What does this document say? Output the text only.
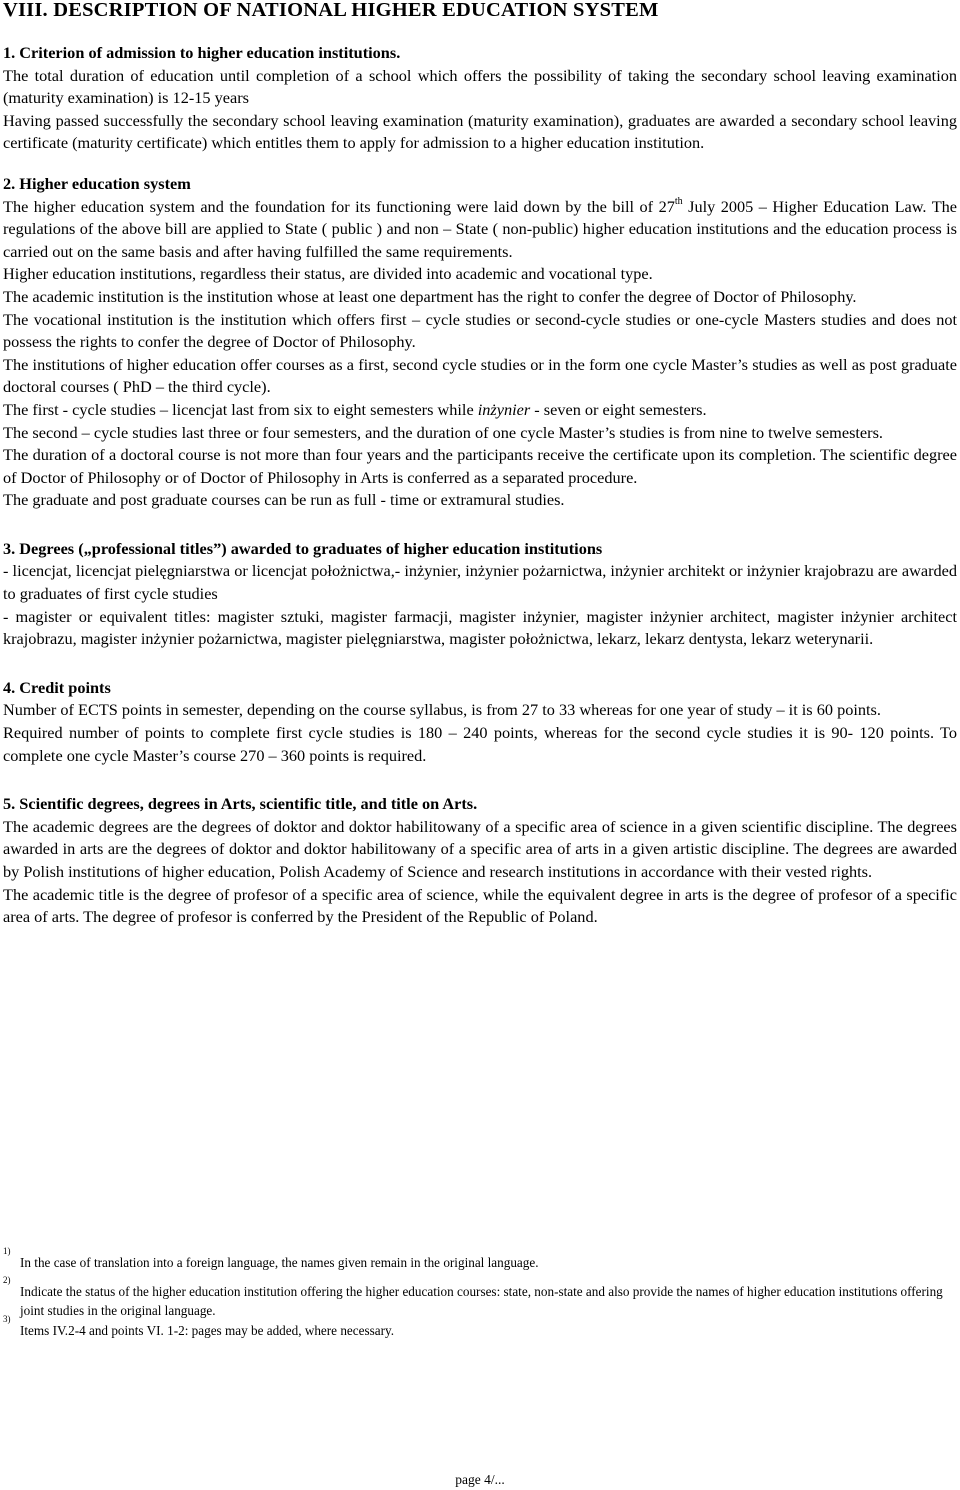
VIII. DESCRIPTION OF NATIONAL HIGHER EDUCATION SYSTEM
1. Criterion of admission to higher education institutions.

The total duration of education until completion of a school which offers the possibility of taking the secondary school leaving examination (maturity examination) is 12-15 years

Having passed successfully the secondary school leaving examination (maturity examination), graduates are awarded a secondary school leaving certificate (maturity certificate) which entitles them to apply for admission to a higher education institution.

2. Higher education system

The higher education system and the foundation for its functioning were laid down by the bill of 27th July 2005 – Higher Education Law. The regulations of the above bill are applied to State ( public ) and non – State ( non-public) higher education institutions and the education process is carried out on the same basis and after having fulfilled the same requirements.

Higher education institutions, regardless their status, are divided into academic and vocational type.

The academic institution is the institution whose at least one department has the right to confer the degree of Doctor of Philosophy.

The vocational institution is the institution which offers first – cycle studies or second-cycle studies or one-cycle Masters studies and does not possess the rights to confer the degree of Doctor of Philosophy.

The institutions of higher education offer courses as a first, second cycle studies or in the form one cycle Master’s studies as well as post graduate doctoral courses ( PhD – the third cycle).

The first - cycle studies – licencjat last from six to eight semesters while inżynier - seven or eight semesters.

The second – cycle studies last three or four semesters, and the duration of one cycle Master’s studies is from nine to twelve semesters.

The duration of a doctoral course is not more than four years and the participants receive the certificate upon its completion. The scientific degree of Doctor of Philosophy or of Doctor of Philosophy in Arts is conferred as a separated procedure.

The graduate and post graduate courses can be run as full - time or extramural studies.

3. Degrees („professional titles”) awarded to graduates of higher education institutions

- licencjat, licencjat pielęgniarstwa or licencjat położnictwa,- inżynier, inżynier pożarnictwa, inżynier architekt or inżynier krajobrazu are awarded to graduates of first cycle studies

- magister or equivalent titles: magister sztuki, magister farmacji, magister inżynier, magister inżynier architect, magister inżynier architect krajobrazu, magister inżynier pożarnictwa, magister pielęgniarstwa, magister położnictwa, lekarz, lekarz dentysta, lekarz weterynarii.

4. Credit points

Number of ECTS points in semester, depending on the course syllabus, is from 27 to 33 whereas for one year of study – it is 60 points.

Required number of points to complete first cycle studies is 180 – 240 points, whereas for the second cycle studies it is 90- 120 points. To complete one cycle Master’s course 270 – 360 points is required.

5. Scientific degrees, degrees in Arts, scientific title, and title on Arts.

The academic degrees are the degrees of doktor and doktor habilitowany of a specific area of science in a given scientific discipline. The degrees awarded in arts are the degrees of doktor and doktor habilitowany of a specific area of arts in a given artistic discipline. The degrees are awarded by Polish institutions of higher education, Polish Academy of Science and research institutions in accordance with their vested rights.

The academic title is the degree of profesor of a specific area of science, while the equivalent degree in arts is the degree of profesor of a specific area of arts. The degree of profesor is conferred by the President of the Republic of Poland.

1)
In the case of translation into a foreign language, the names given remain in the original language.
2)
Indicate the status of the higher education institution offering the higher education courses: state, non-state and also provide the names of higher education institutions offering joint studies in the original language.
3)
Items IV.2-4 and points VI. 1-2: pages may be added, where necessary.
page 4/...
